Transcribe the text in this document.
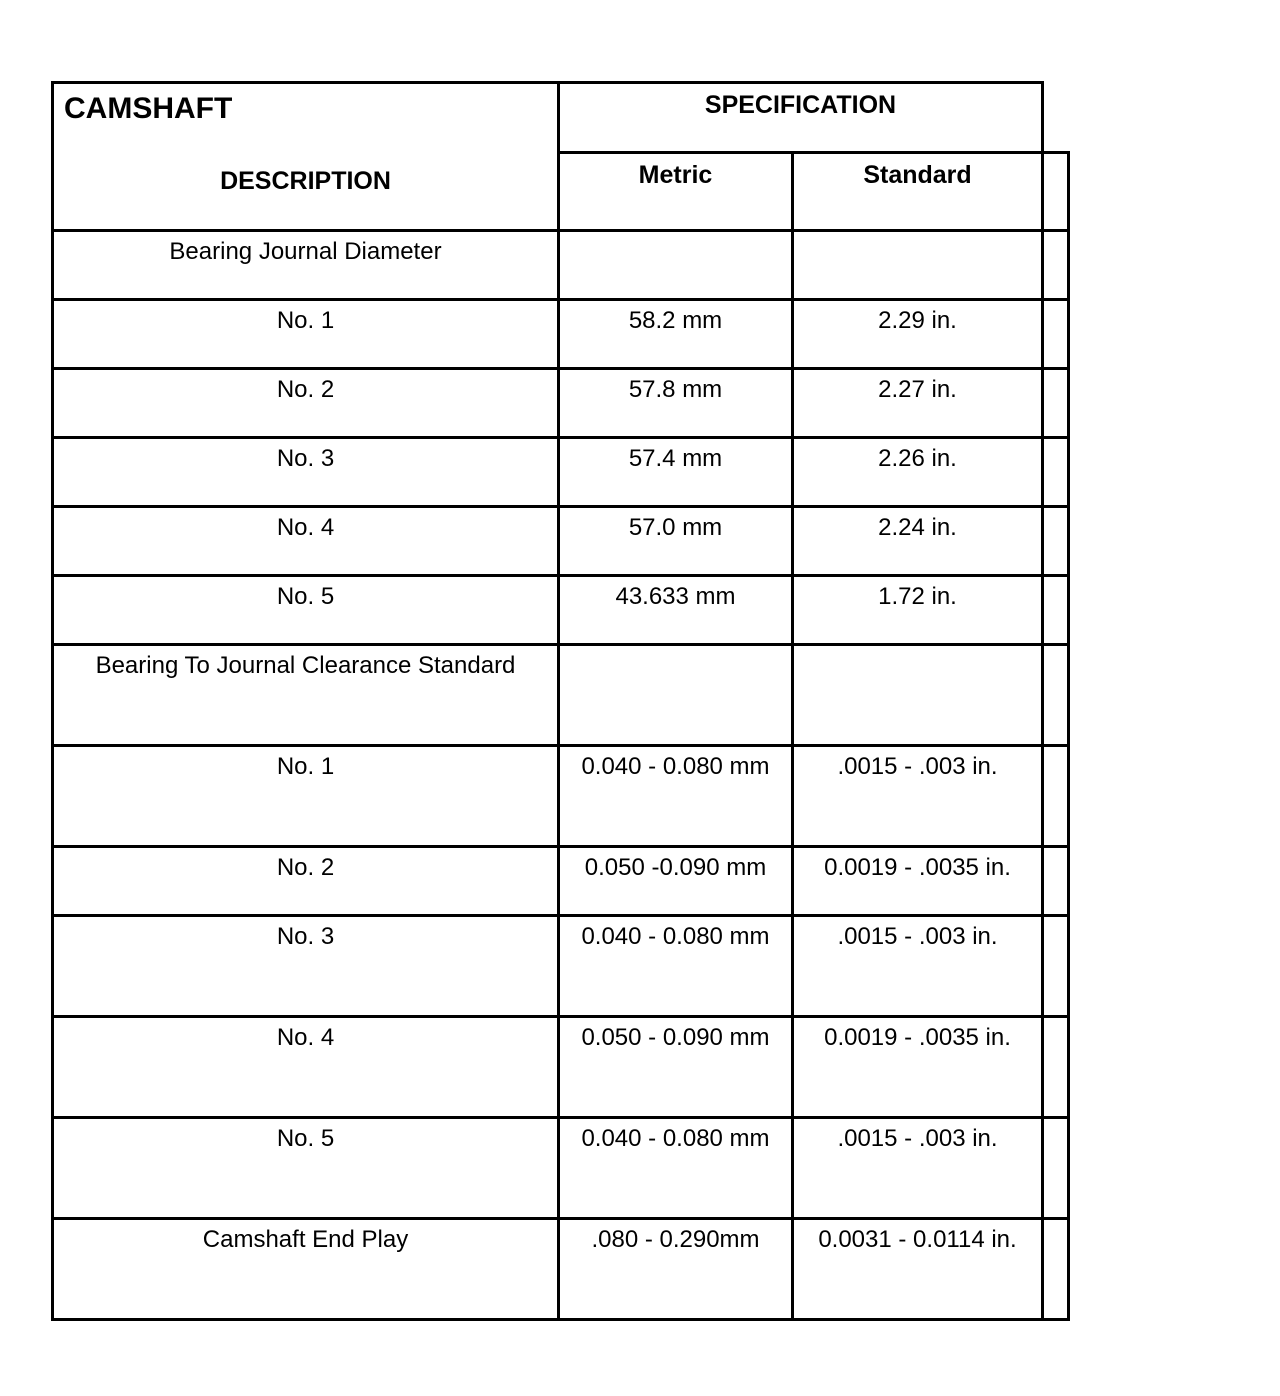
CAMSHAFT
DESCRIPTION	SPECIFICATION		
	Metric	Standard	

Bearing Journal Diameter			

No. 1	58.2 mm	2.29 in.	

No. 2	57.8 mm	2.27 in.	

No. 3	57.4 mm	2.26 in.	

No. 4	57.0 mm	2.24 in.	

No. 5	43.633 mm	1.72 in.	

Bearing To Journal Clearance Standard			

No. 1	0.040 - 0.080 mm	.0015 - .003 in.	

No. 2	0.050 -0.090 mm	0.0019 - .0035 in.	

No. 3	0.040 - 0.080 mm	.0015 - .003 in.	

No. 4	0.050 - 0.090 mm	0.0019 - .0035 in.	

No. 5	0.040 - 0.080 mm	.0015 - .003 in.	

Camshaft End Play	.080 - 0.290mm	0.0031 - 0.0114 in.	
